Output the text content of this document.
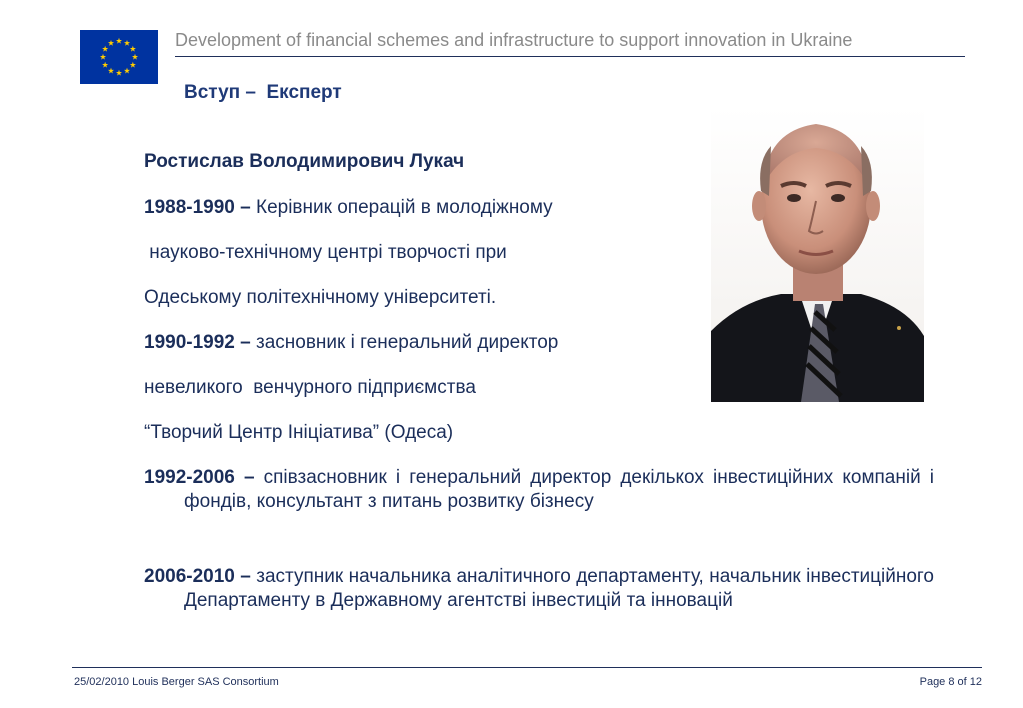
Development of financial schemes and infrastructure to support innovation in Ukraine
Вступ –  Експерт
Ростислав Володимирович Лукач
1988-1990 – Керівник операцій в молодіжному
науково-технічному центрі творчості при
Одеському політехнічному університеті.
1990-1992 – засновник і генеральний директор
невеликого  венчурного підприємства
“Творчий Центр Ініціатива” (Одеса)
1992-2006 – співзасновник і генеральний директор декількох інвестиційних компаній і фондів, консультант з питань розвитку бізнесу
2006-2010 – заступник начальника аналітичного департаменту, начальник інвестиційного Департаменту в Державному агентстві інвестицій та інновацій
25/02/2010 Louis Berger SAS Consortium	Page 8 of 12
